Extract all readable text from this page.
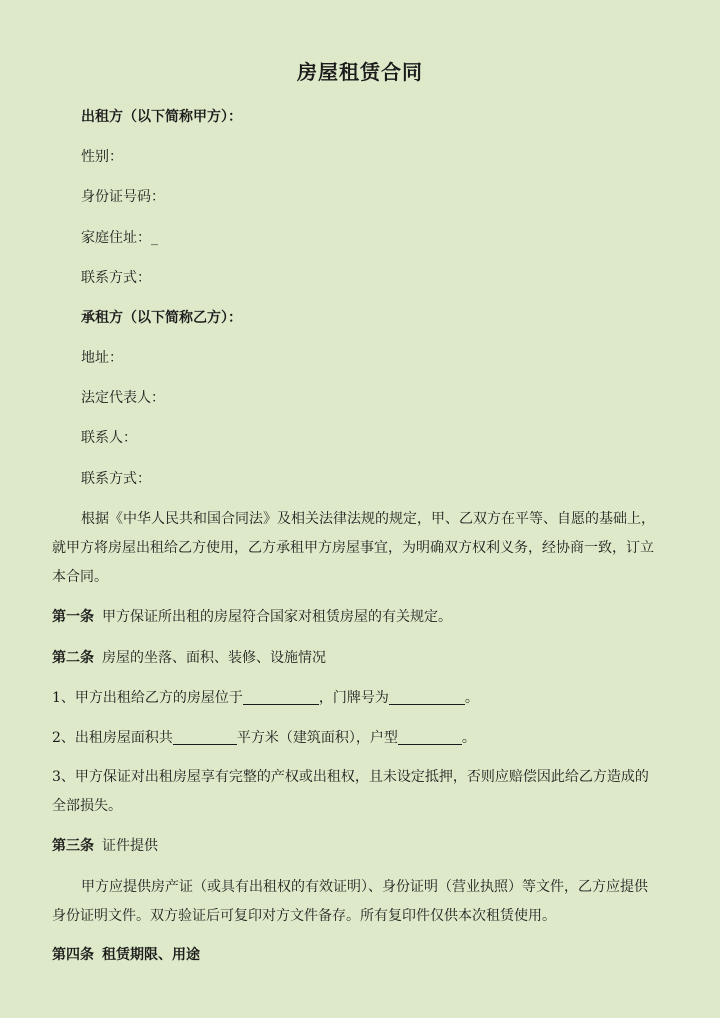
房屋租赁合同
出租方（以下简称甲方）：
性别：
身份证号码：
家庭住址：_
联系方式：
承租方（以下简称乙方）：
地址：
法定代表人：
联系人：
联系方式：
根据《中华人民共和国合同法》及相关法律法规的规定，甲、乙双方在平等、自愿的基础上，
就甲方将房屋出租给乙方使用，乙方承租甲方房屋事宜，为明确双方权利义务，经协商一致，订立
本合同。
第一条 甲方保证所出租的房屋符合国家对租赁房屋的有关规定。
第二条 房屋的坐落、面积、装修、设施情况
1、甲方出租给乙方的房屋位于	，门牌号为	。
2、出租房屋面积共	平方米（建筑面积），户型	。
3、甲方保证对出租房屋享有完整的产权或出租权，且未设定抵押，否则应赔偿因此给乙方造成的
全部损失。
第三条 证件提供
甲方应提供房产证（或具有出租权的有效证明）、身份证明（营业执照）等文件，乙方应提供
身份证明文件。双方验证后可复印对方文件备存。所有复印件仅供本次租赁使用。
第四条 租赁期限、用途
